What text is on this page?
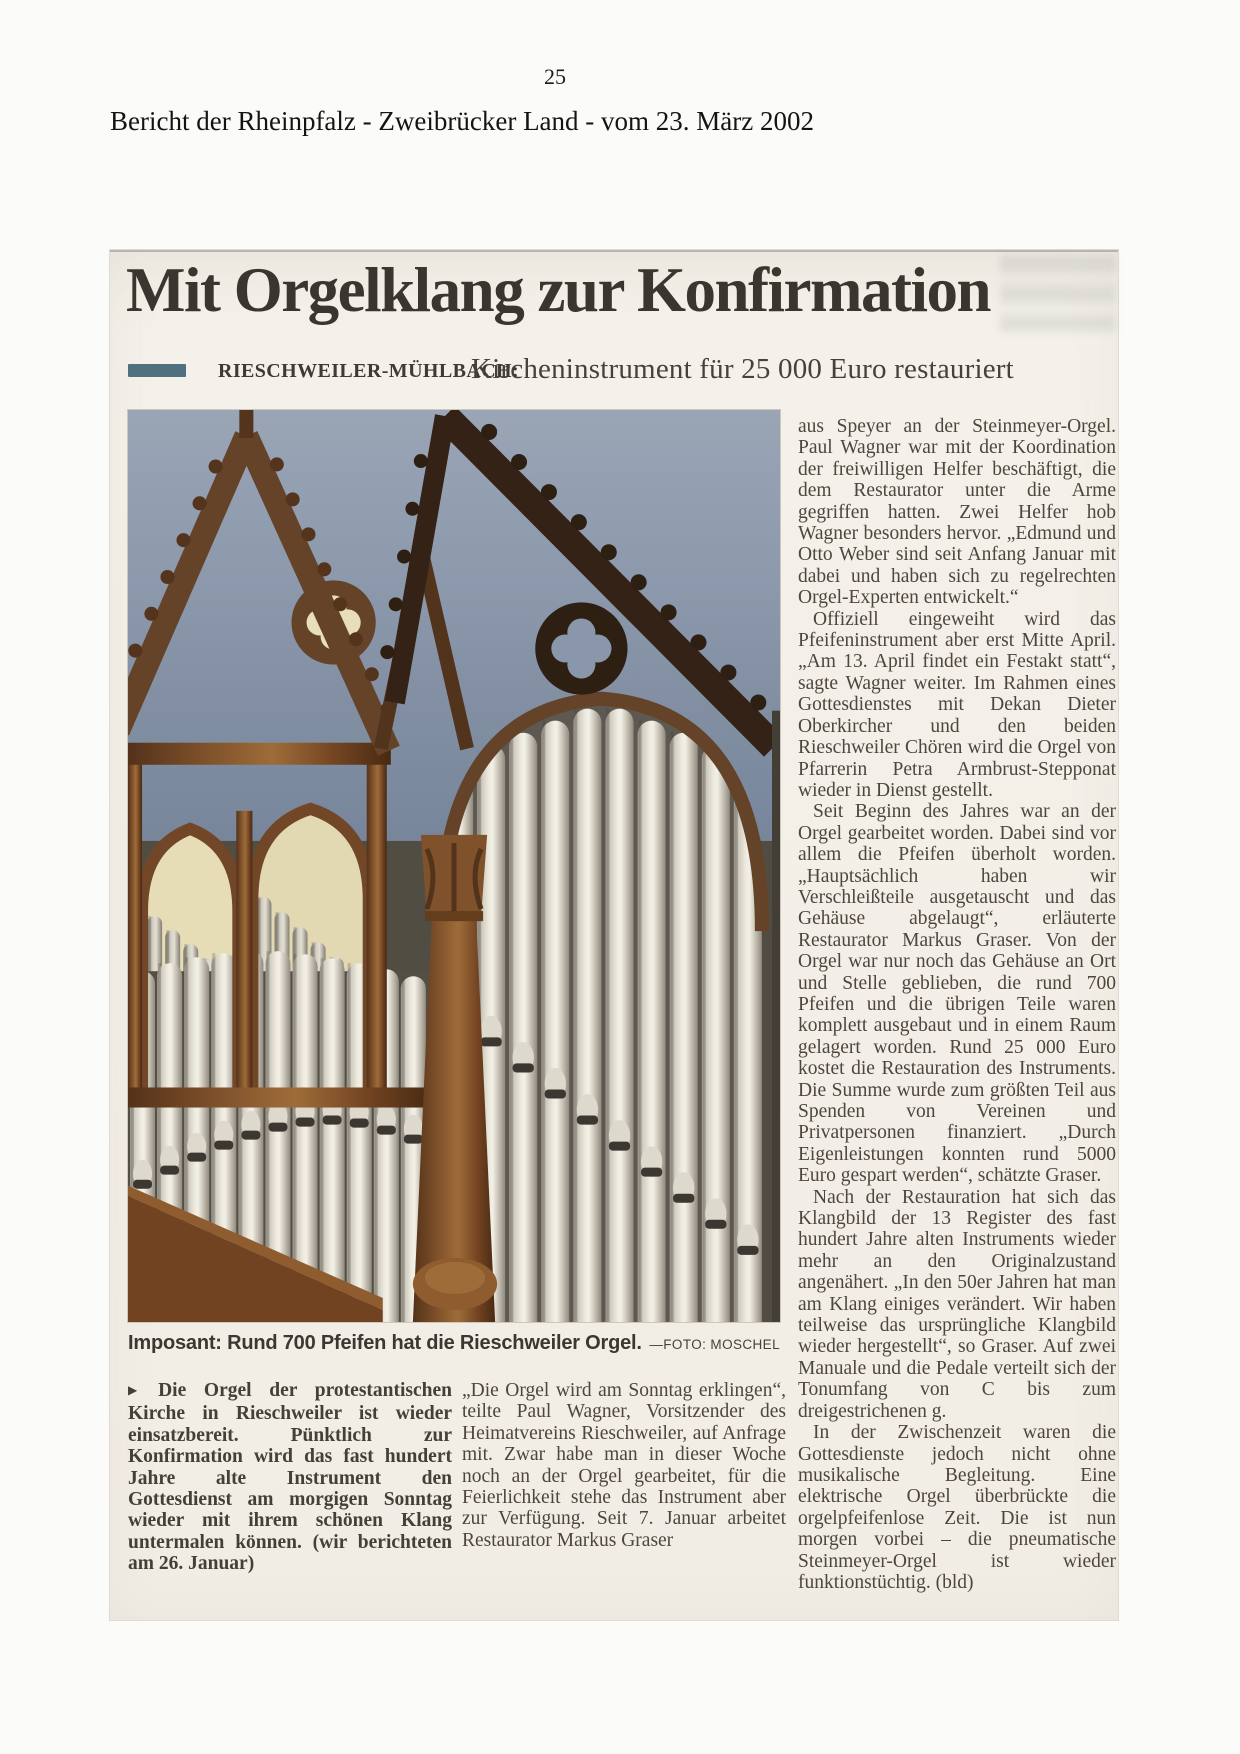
25
Bericht der Rheinpfalz - Zweibrücker Land - vom 23. März 2002
Mit Orgelklang zur Konfirmation
RIESCHWEILER-MÜHLBACH:
Kircheninstrument für 25 000 Euro restauriert
Imposant: Rund 700 Pfeifen hat die Rieschweiler Orgel. —FOTO: MOSCHEL
▶ Die Orgel der protestantischen Kirche in Rieschweiler ist wieder einsatzbereit. Pünktlich zur Konfirmation wird das fast hundert Jahre alte Instrument den Gottesdienst am morgigen Sonntag wieder mit ihrem schönen Klang untermalen können. (wir berichteten am 26. Januar)
„Die Orgel wird am Sonntag erklingen“, teilte Paul Wagner, Vorsitzender des Heimatvereins Rieschweiler, auf Anfrage mit. Zwar habe man in dieser Woche noch an der Orgel gearbeitet, für die Feierlichkeit stehe das Instrument aber zur Verfügung. Seit 7. Januar arbeitet Restaurator Markus Graser

aus Speyer an der Steinmeyer-Orgel. Paul Wagner war mit der Koordination der freiwilligen Helfer beschäftigt, die dem Restaurator unter die Arme gegriffen hatten. Zwei Helfer hob Wagner besonders hervor. „Edmund und Otto Weber sind seit Anfang Januar mit dabei und haben sich zu regelrechten Orgel-Experten entwickelt.“

Offiziell eingeweiht wird das Pfeifeninstrument aber erst Mitte April. „Am 13. April findet ein Festakt statt“, sagte Wagner weiter. Im Rahmen eines Gottesdienstes mit Dekan Dieter Oberkircher und den beiden Rieschweiler Chören wird die Orgel von Pfarrerin Petra Armbrust-Stepponat wieder in Dienst gestellt.

Seit Beginn des Jahres war an der Orgel gearbeitet worden. Dabei sind vor allem die Pfeifen überholt worden. „Hauptsächlich haben wir Verschleißteile ausgetauscht und das Gehäuse abgelaugt“, erläuterte Restaurator Markus Graser. Von der Orgel war nur noch das Gehäuse an Ort und Stelle geblieben, die rund 700 Pfeifen und die übrigen Teile waren komplett ausgebaut und in einem Raum gelagert worden. Rund 25 000 Euro kostet die Restauration des Instruments. Die Summe wurde zum größten Teil aus Spenden von Vereinen und Privatpersonen finanziert. „Durch Eigenleistungen konnten rund 5000 Euro gespart werden“, schätzte Graser.

Nach der Restauration hat sich das Klangbild der 13 Register des fast hundert Jahre alten Instruments wieder mehr an den Originalzustand angenähert. „In den 50er Jahren hat man am Klang einiges verändert. Wir haben teilweise das ursprüngliche Klangbild wieder hergestellt“, so Graser. Auf zwei Manuale und die Pedale verteilt sich der Tonumfang von C bis zum dreigestrichenen g.

In der Zwischenzeit waren die Gottesdienste jedoch nicht ohne musikalische Begleitung. Eine elektrische Orgel überbrückte die orgelpfeifenlose Zeit. Die ist nun morgen vorbei – die pneumatische Steinmeyer-Orgel ist wieder funktionstüchtig. (bld)
